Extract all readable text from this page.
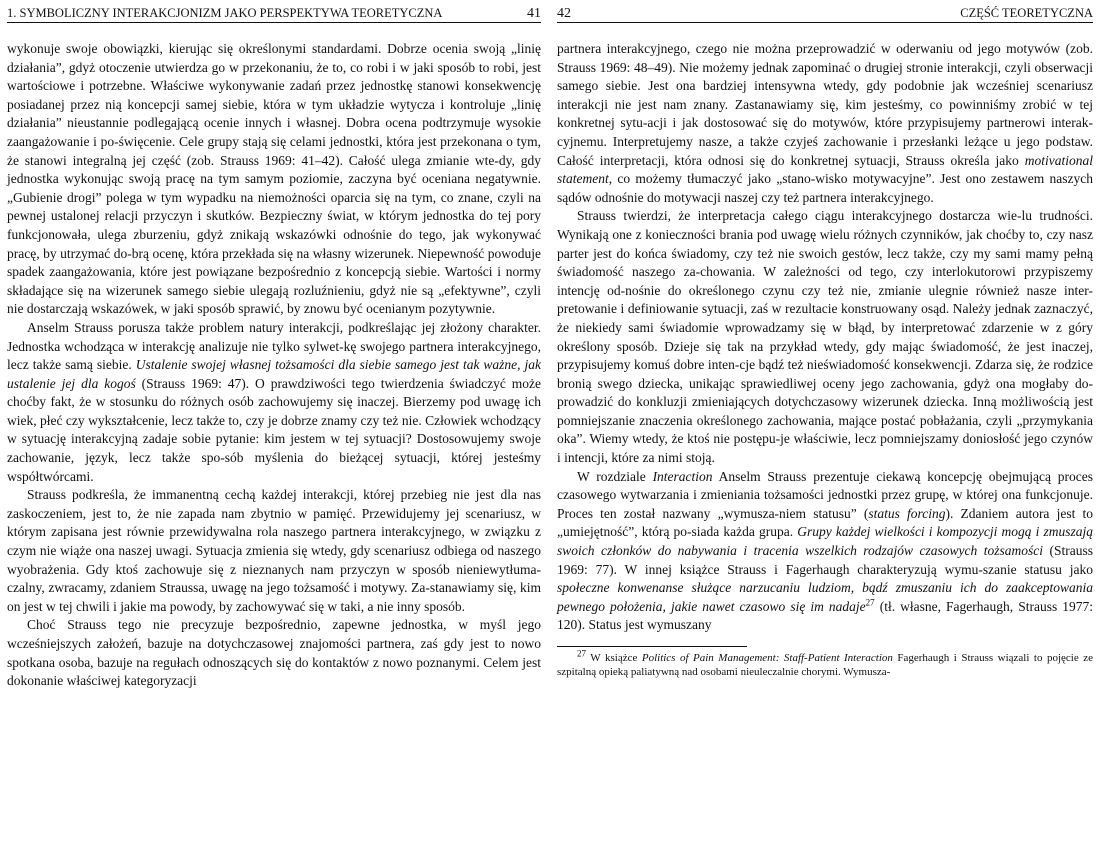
1. SYMBOLICZNY INTERAKCJONIZM JAKO PERSPEKTYWA TEORETYCZNA	41

wykonuje swoje obowiązki, kierując się określonymi standardami. Dobrze ocenia swoją „linię działania”, gdyż otoczenie utwierdza go w przekonaniu, że to, co robi i w jaki sposób to robi, jest wartościowe i potrzebne. Właściwe wykonywanie zadań przez jednostkę stanowi konsekwencję posiadanej przez nią koncepcji samej siebie, która w tym układzie wytycza i kontroluje „linię działania” nieustannie podlegającą ocenie innych i własnej. Dobra ocena podtrzymuje wysokie zaangażowanie i po-święcenie. Cele grupy stają się celami jednostki, która jest przekonana o tym, że stanowi integralną jej część (zob. Strauss 1969: 41–42). Całość ulega zmianie wte-dy, gdy jednostka wykonując swoją pracę na tym samym poziomie, zaczyna być oceniana negatywnie. „Gubienie drogi” polega w tym wypadku na niemożności oparcia się na tym, co znane, czyli na pewnej ustalonej relacji przyczyn i skutków. Bezpieczny świat, w którym jednostka do tej pory funkcjonowała, ulega zburzeniu, gdyż znikają wskazówki odnośnie do tego, jak wykonywać pracę, by utrzymać do-brą ocenę, która przekłada się na własny wizerunek. Niepewność powoduje spadek zaangażowania, które jest powiązane bezpośrednio z koncepcją siebie. Wartości i normy składające się na wizerunek samego siebie ulegają rozluźnieniu, gdyż nie są „efektywne”, czyli nie dostarczają wskazówek, w jaki sposób sprawić, by znowu być ocenianym pozytywnie.

Anselm Strauss porusza także problem natury interakcji, podkreślając jej złożony charakter. Jednostka wchodząca w interakcję analizuje nie tylko sylwet-kę swojego partnera interakcyjnego, lecz także samą siebie. Ustalenie swojej własnej tożsamości dla siebie samego jest tak ważne, jak ustalenie jej dla kogoś (Strauss 1969: 47). O prawdziwości tego twierdzenia świadczyć może choćby fakt, że w stosunku do różnych osób zachowujemy się inaczej. Bierzemy pod uwagę ich wiek, płeć czy wykształcenie, lecz także to, czy je dobrze znamy czy też nie. Człowiek wchodzący w sytuację interakcyjną zadaje sobie pytanie: kim jestem w tej sytuacji? Dostosowujemy swoje zachowanie, język, lecz także spo-sób myślenia do bieżącej sytuacji, której jesteśmy współtwórcami.

Strauss podkreśla, że immanentną cechą każdej interakcji, której przebieg nie jest dla nas zaskoczeniem, jest to, że nie zapada nam zbytnio w pamięć. Przewidujemy jej scenariusz, w którym zapisana jest równie przewidywalna rola naszego partnera interakcyjnego, w związku z czym nie wiąże ona naszej uwagi. Sytuacja zmienia się wtedy, gdy scenariusz odbiega od naszego wyobrażenia. Gdy ktoś zachowuje się z nieznanych nam przyczyn w sposób nieniewytłuma-czalny, zwracamy, zdaniem Straussa, uwagę na jego tożsamość i motywy. Za-stanawiamy się, kim on jest w tej chwili i jakie ma powody, by zachowywać się w taki, a nie inny sposób.

Choć Strauss tego nie precyzuje bezpośrednio, zapewne jednostka, w myśl jego wcześniejszych założeń, bazuje na dotychczasowej znajomości partnera, zaś gdy jest to nowo spotkana osoba, bazuje na regułach odnoszących się do kontaktów z nowo poznanymi. Celem jest dokonanie właściwej kategoryzacji

42	CZĘŚĆ TEORETYCZNA

partnera interakcyjnego, czego nie można przeprowadzić w oderwaniu od jego motywów (zob. Strauss 1969: 48–49). Nie możemy jednak zapominać o drugiej stronie interakcji, czyli obserwacji samego siebie. Jest ona bardziej intensywna wtedy, gdy podobnie jak wcześniej scenariusz interakcji nie jest nam znany. Zastanawiamy się, kim jesteśmy, co powinniśmy zrobić w tej konkretnej sytu-acji i jak dostosować się do motywów, które przypisujemy partnerowi interak-cyjnemu. Interpretujemy nasze, a także czyjeś zachowanie i przesłanki leżące u jego podstaw. Całość interpretacji, która odnosi się do konkretnej sytuacji, Strauss określa jako motivational statement, co możemy tłumaczyć jako „stano-wisko motywacyjne”. Jest ono zestawem naszych sądów odnośnie do motywacji naszej czy też partnera interakcyjnego.

Strauss twierdzi, że interpretacja całego ciągu interakcyjnego dostarcza wie-lu trudności. Wynikają one z konieczności brania pod uwagę wielu różnych czynników, jak choćby to, czy nasz parter jest do końca świadomy, czy też nie swoich gestów, lecz także, czy my sami mamy pełną świadomość naszego za-chowania. W zależności od tego, czy interlokutorowi przypiszemy intencję od-nośnie do określonego czynu czy też nie, zmianie ulegnie również nasze inter-pretowanie i definiowanie sytuacji, zaś w rezultacie konstruowany osąd. Należy jednak zaznaczyć, że niekiedy sami świadomie wprowadzamy się w błąd, by interpretować zdarzenie w z góry określony sposób. Dzieje się tak na przykład wtedy, gdy mając świadomość, że jest inaczej, przypisujemy komuś dobre inten-cje bądź też nieświadomość konsekwencji. Zdarza się, że rodzice bronią swego dziecka, unikając sprawiedliwej oceny jego zachowania, gdyż ona mogłaby do-prowadzić do konkluzji zmieniających dotychczasowy wizerunek dziecka. Inną możliwością jest pomniejszanie znaczenia określonego zachowania, mające postać pobłażania, czyli „przymykania oka”. Wiemy wtedy, że ktoś nie postępu-je właściwie, lecz pomniejszamy doniosłość jego czynów i intencji, które za nimi stoją.

W rozdziale Interaction Anselm Strauss prezentuje ciekawą koncepcję obejmującą proces czasowego wytwarzania i zmieniania tożsamości jednostki przez grupę, w której ona funkcjonuje. Proces ten został nazwany „wymusza-niem statusu” (status forcing). Zdaniem autora jest to „umiejętność”, którą po-siada każda grupa. Grupy każdej wielkości i kompozycji mogą i zmuszają swoich członków do nabywania i tracenia wszelkich rodzajów czasowych tożsamości (Strauss 1969: 77). W innej książce Strauss i Fagerhaugh charakteryzują wymu-szanie statusu jako społeczne konwenanse służące narzucaniu ludziom, bądź zmuszaniu ich do zaakceptowania pewnego położenia, jakie nawet czasowo się im nadaje$^{27}$ (tł. własne, Fagerhaugh, Strauss 1977: 120). Status jest wymuszany

$^{27}$ W książce Politics of Pain Management: Staff-Patient Interaction Fagerhaugh i Strauss wiązali to pojęcie ze szpitalną opieką paliatywną nad osobami nieuleczalnie chorymi. Wymusza-
